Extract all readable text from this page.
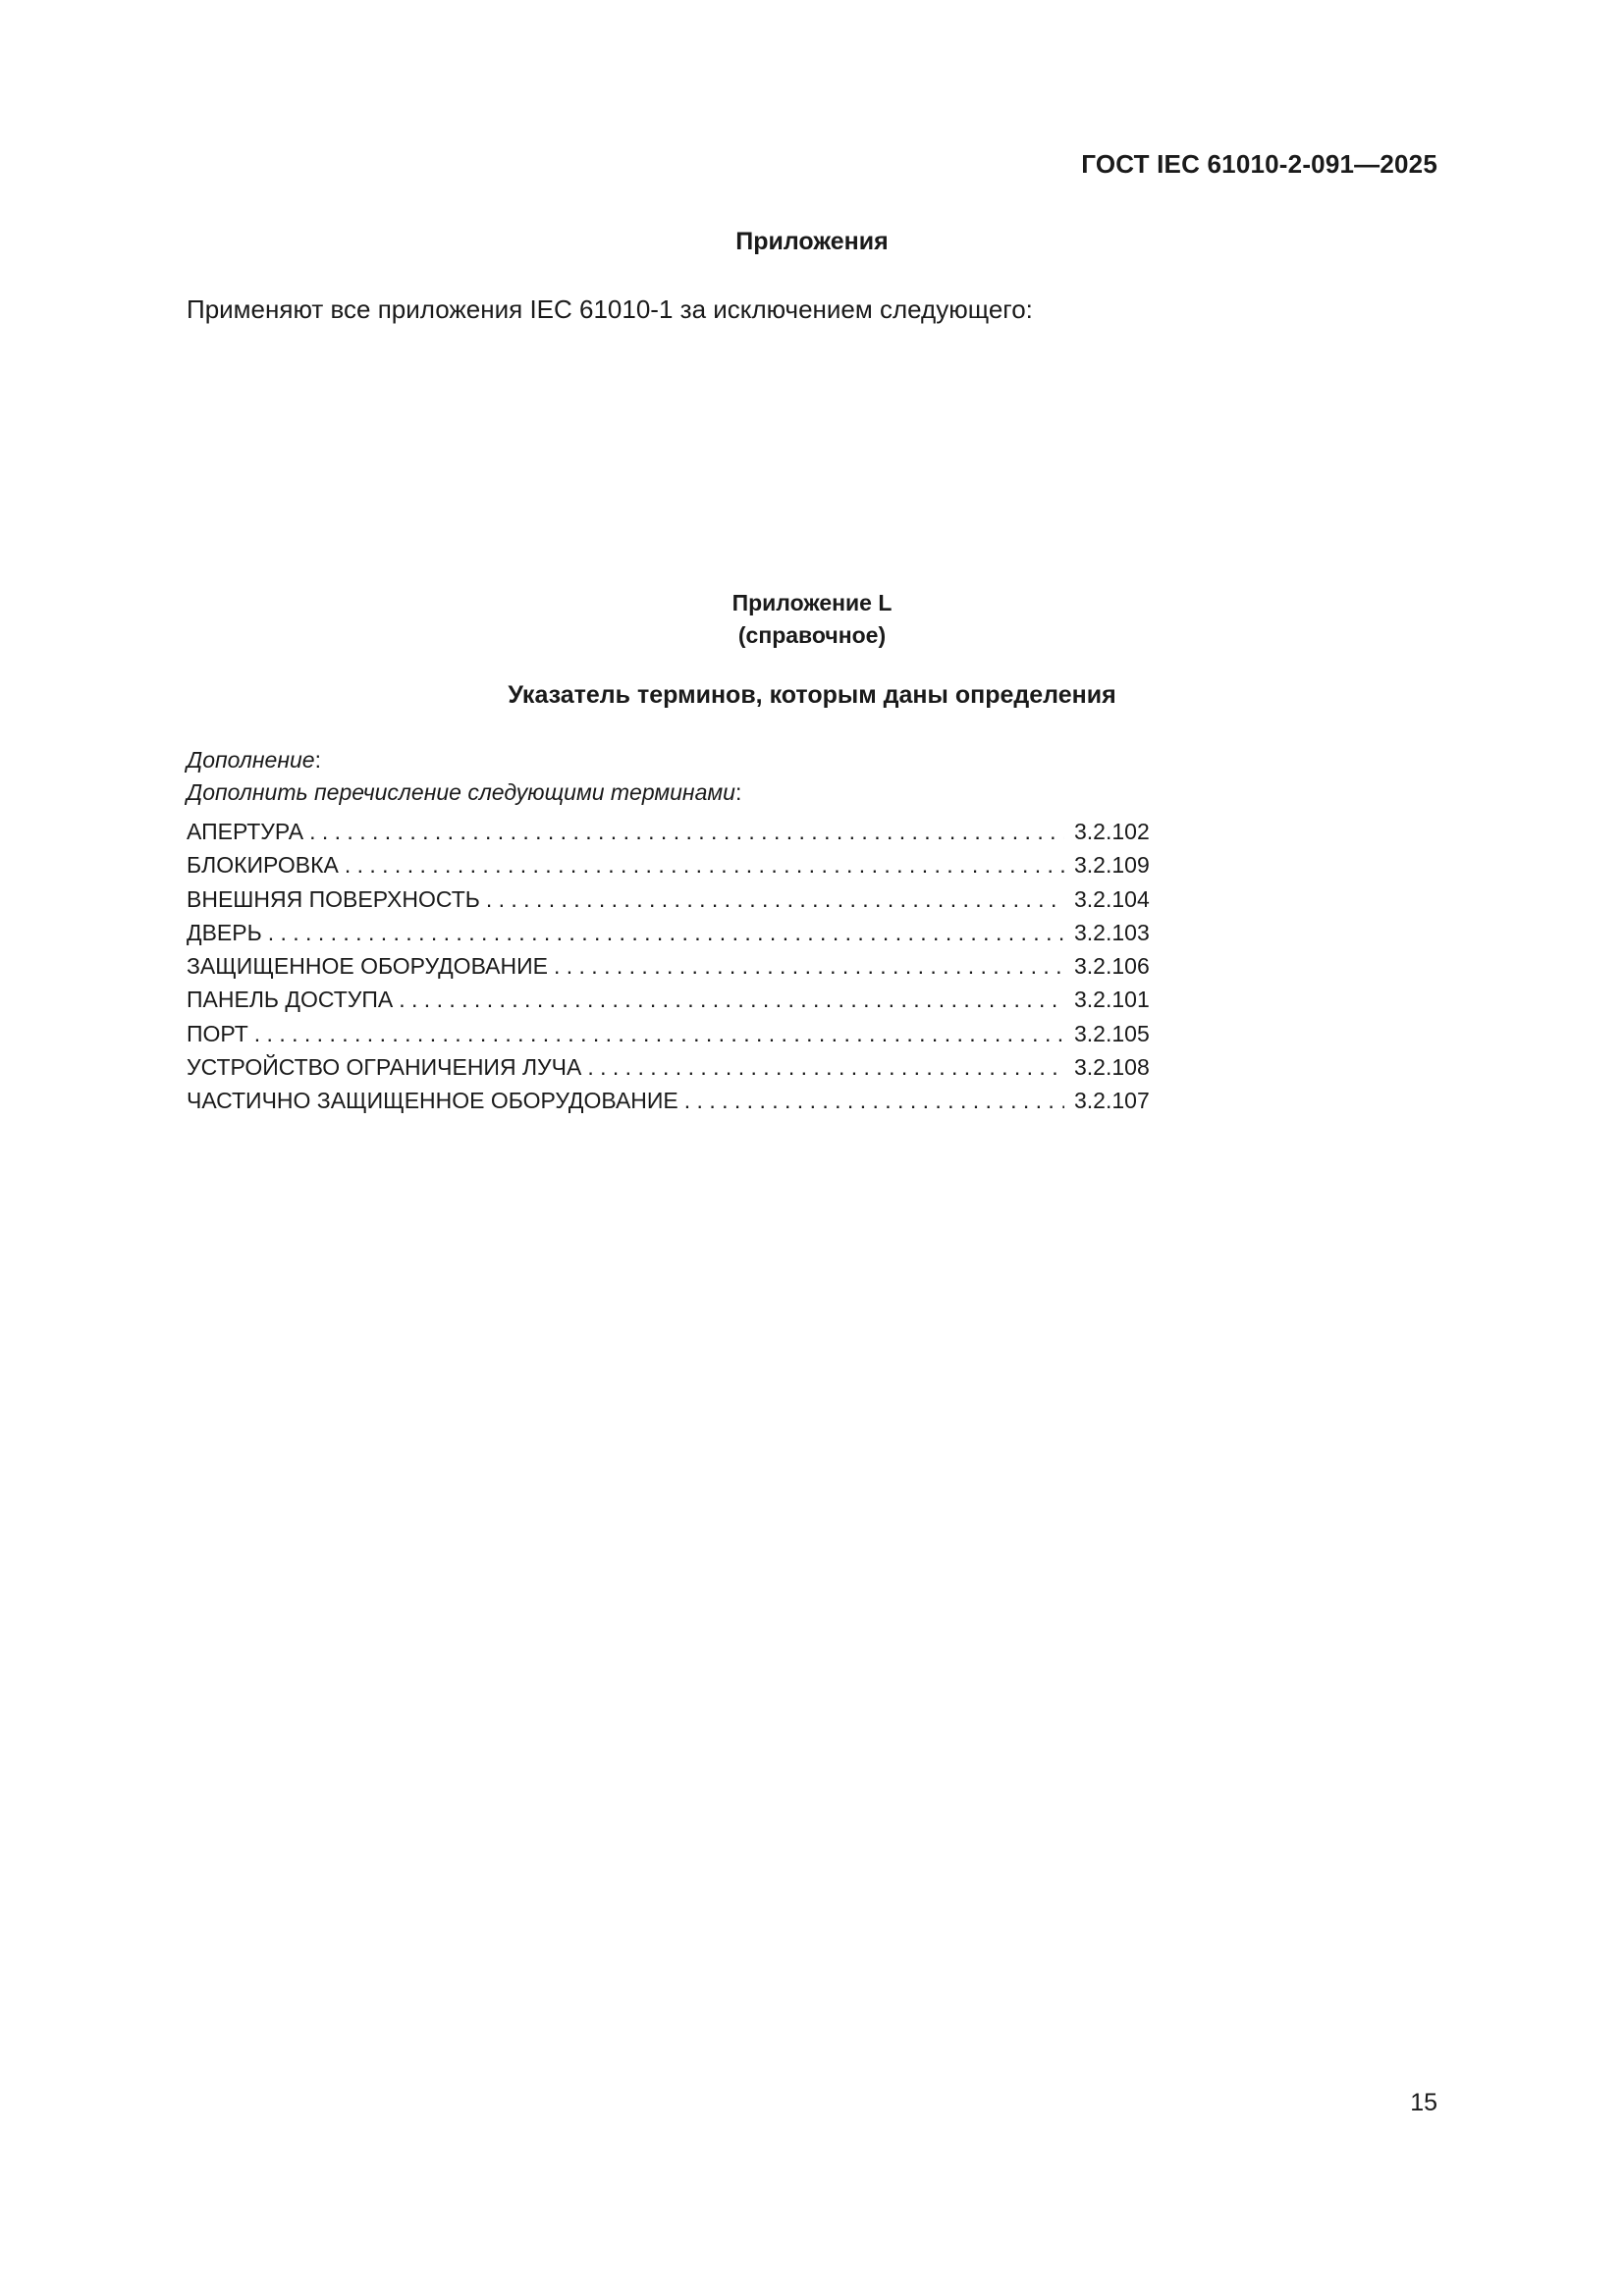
ГОСТ IEC 61010-2-091—2025
Приложения

Применяют все приложения IEC 61010-1 за исключением следующего:

Приложение L
(справочное)
Указатель терминов, которым даны определения
Дополнение:
Дополнить перечисление следующими терминами:
АПЕРТУРА . . .	3.2.102
БЛОКИРОВКА . . .	3.2.109
ВНЕШНЯЯ ПОВЕРХНОСТЬ . . .	3.2.104
ДВЕРЬ . . .	3.2.103
ЗАЩИЩЕННОЕ ОБОРУДОВАНИЕ . . .	3.2.106
ПАНЕЛЬ ДОСТУПА . . .	3.2.101
ПОРТ . . .	3.2.105
УСТРОЙСТВО ОГРАНИЧЕНИЯ ЛУЧА . . .	3.2.108
ЧАСТИЧНО ЗАЩИЩЕННОЕ ОБОРУДОВАНИЕ . . .	3.2.107
15
